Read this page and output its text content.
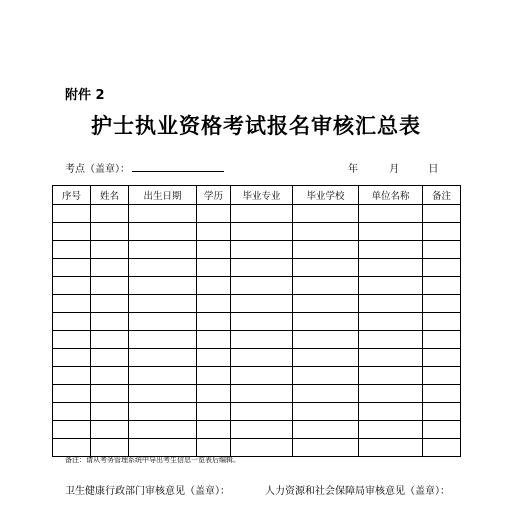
附件 2
护士执业资格考试报名审核汇总表
考点（盖章）：	年	月	日
序号	姓名	出生日期	学历	毕业专业	毕业学校	单位名称	备注

备注：请从考务管理系统中导出考生信息一览表后编辑。
卫生健康行政部门审核意见（盖章）：	人力资源和社会保障局审核意见（盖章）：
